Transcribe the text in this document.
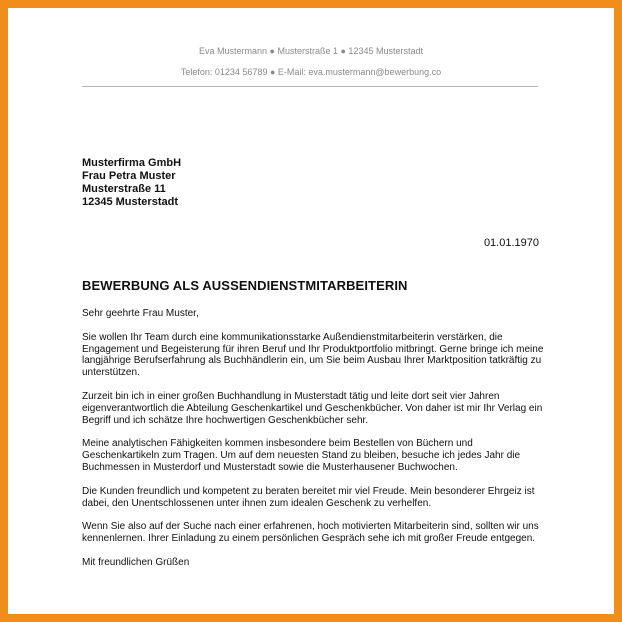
Eva Mustermann ● Musterstraße 1 ● 12345 Musterstadt
Telefon: 01234 56789 ● E-Mail: eva.mustermann@bewerbung.co
Musterfirma GmbH
Frau Petra Muster
Musterstraße 11
12345 Musterstadt
01.01.1970
BEWERBUNG ALS AUSSENDIENSTMITARBEITERIN

Sehr geehrte Frau Muster,

Sie wollen Ihr Team durch eine kommunikationsstarke Außendienstmitarbeiterin verstärken, die Engagement und Begeisterung für ihren Beruf und Ihr Produktportfolio mitbringt. Gerne bringe ich meine langjährige Berufserfahrung als Buchhändlerin ein, um Sie beim Ausbau Ihrer Marktposition tatkräftig zu unterstützen.

Zurzeit bin ich in einer großen Buchhandlung in Musterstadt tätig und leite dort seit vier Jahren eigenverantwortlich die Abteilung Geschenkartikel und Geschenkbücher. Von daher ist mir Ihr Verlag ein Begriff und ich schätze Ihre hochwertigen Geschenkbücher sehr.

Meine analytischen Fähigkeiten kommen insbesondere beim Bestellen von Büchern und Geschenkartikeln zum Tragen. Um auf dem neuesten Stand zu bleiben, besuche ich jedes Jahr die Buchmessen in Musterdorf und Musterstadt sowie die Musterhausener Buchwochen.

Die Kunden freundlich und kompetent zu beraten bereitet mir viel Freude. Mein besonderer Ehrgeiz ist dabei, den Unentschlossenen unter ihnen zum idealen Geschenk zu verhelfen.

Wenn Sie also auf der Suche nach einer erfahrenen, hoch motivierten Mitarbeiterin sind, sollten wir uns kennenlernen. Ihrer Einladung zu einem persönlichen Gespräch sehe ich mit großer Freude entgegen.

Mit freundlichen Grüßen
